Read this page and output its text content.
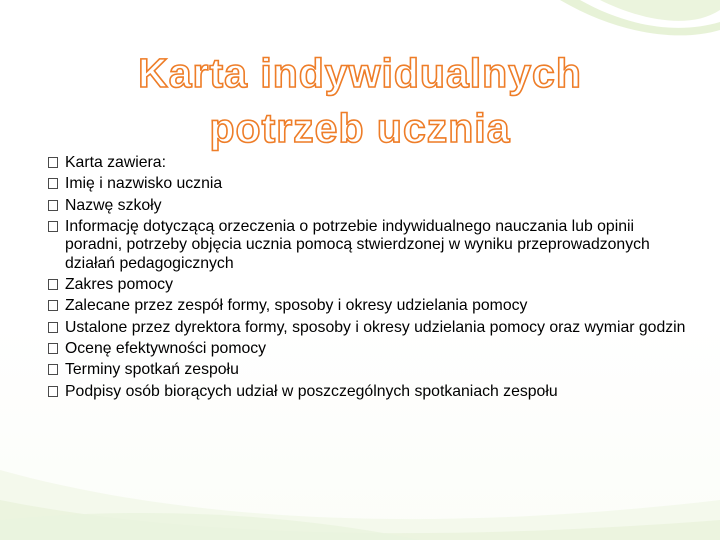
Karta indywidualnych
potrzeb ucznia
Karta zawiera:
Imię i nazwisko ucznia
Nazwę szkoły
Informację dotyczącą orzeczenia o potrzebie indywidualnego nauczania lub opinii poradni, potrzeby objęcia ucznia pomocą stwierdzonej w wyniku przeprowadzonych działań pedagogicznych
Zakres pomocy
Zalecane przez zespół formy, sposoby i okresy udzielania pomocy
Ustalone przez dyrektora formy, sposoby i okresy udzielania pomocy oraz wymiar godzin
Ocenę efektywności pomocy
Terminy spotkań zespołu
Podpisy osób biorących udział w poszczególnych spotkaniach zespołu
